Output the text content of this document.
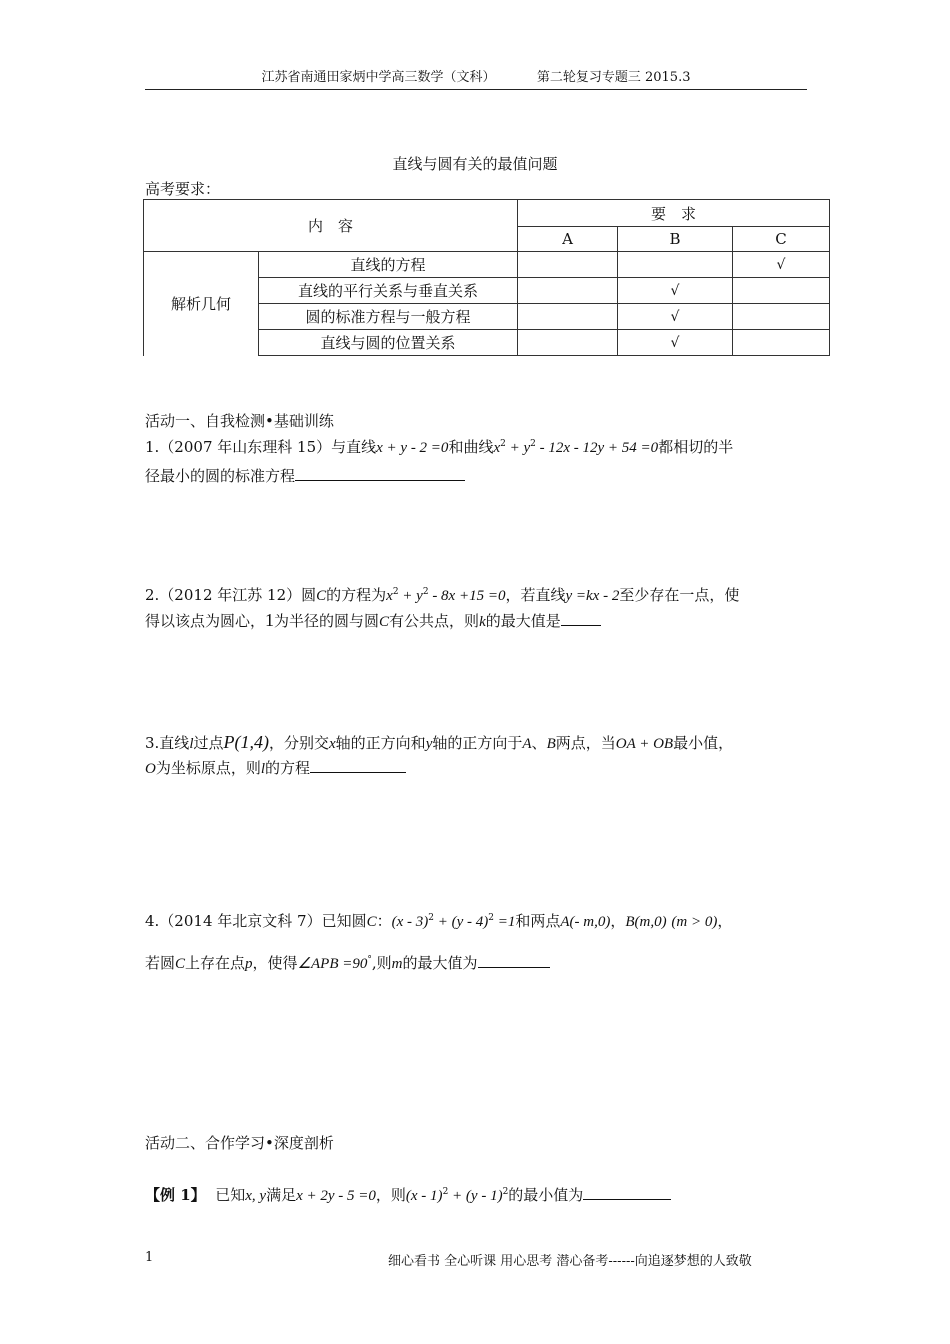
江苏省南通田家炳中学高三数学（文科）	第二轮复习专题三 2015.3
直线与圆有关的最值问题
高考要求：
内　容		要　求		
		A	B	C
解析几何	直线的方程			√
	直线的平行关系与垂直关系		√	
	圆的标准方程与一般方程		√	
	直线与圆的位置关系		√	
活动一、自我检测•基础训练
1.（2007 年山东理科 15）与直线x + y - 2 =0和曲线$x^2 + y^2 - 12x - 12y + 54 =0$都相切的半
径最小的圆的标准方程
2.（2012 年江苏 12）圆C的方程为$x^2 + y^2 - 8x +15 =0$，若直线y =kx - 2至少存在一点，使
得以该点为圆心，1为半径的圆与圆C有公共点，则k的最大值是
3.直线l过点P(1,4)，分别交x轴的正方向和y轴的正方向于A、B两点，当OA + OB最小值，
O为坐标原点，则l的方程
4.（2014 年北京文科 7）已知圆C：(x - 3)$^2$ + (y - 4)$^2$ =1和两点A(- m,0)，B(m,0) (m > 0)，
若圆C上存在点p，使得∠APB =90°,则m的最大值为
活动二、合作学习•深度剖析
【例 1】 已知x, y满足x + 2y - 5 =0，则(x - 1)$^2$ + (y - 1)$^2$的最小值为
1	细心看书 全心听课 用心思考 潜心备考------向追逐梦想的人致敬
